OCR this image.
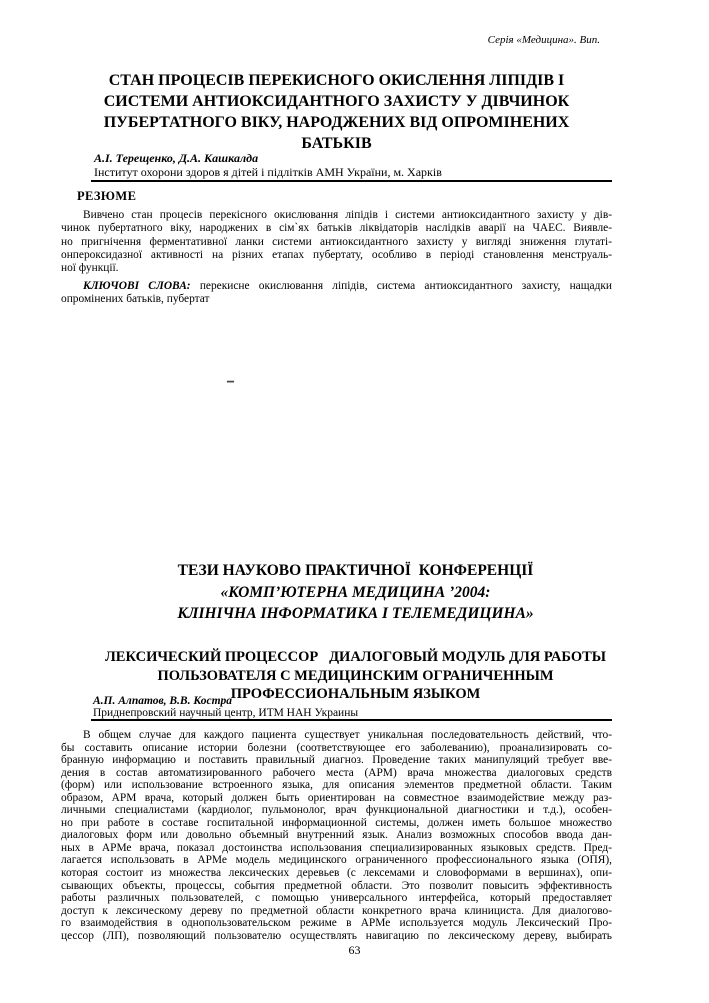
Серія «Медицина». Вип.
СТАН ПРОЦЕСІВ ПЕРЕКИСНОГО ОКИСЛЕННЯ ЛІПІДІВ І
СИСТЕМИ АНТИОКСИДАНТНОГО ЗАХИСТУ У ДІВЧИНОК
ПУБЕРТАТНОГО ВІКУ, НАРОДЖЕНИХ ВІД ОПРОМІНЕНИХ
БАТЬКІВ
А.І. Терещенко, Д.А. Кашкалда
Інститут охорони здоров я дітей і підлітків АМН України, м. Харків
РЕЗЮМЕ
Вивчено стан процесів перекісного окислювання ліпідів і системи антиоксидантного захисту у дів-
чинок пубертатного віку, народжених в сім`ях батьків ліквідаторів наслідків аварії на ЧАЕС. Виявле-
но пригнічення ферментативної ланки системи антиоксидантного захисту у вигляді зниження глутаті-
онпероксидазної активності на різних етапах пубертату, особливо в періоді становлення менструаль-
ної функції.
КЛЮЧОВІ СЛОВА: перекисне окислювання ліпідів, система антиоксидантного захисту, нащадки
опромінених батьків, пубертат
–
ТЕЗИ НАУКОВО ПРАКТИЧНОЇ  КОНФЕРЕНЦІЇ
«КОМП’ЮТЕРНА МЕДИЦИНА ’2004:
КЛІНІЧНА ІНФОРМАТИКА І ТЕЛЕМЕДИЦИНА»
ЛЕКСИЧЕСКИЙ ПРОЦЕССОР   ДИАЛОГОВЫЙ МОДУЛЬ ДЛЯ РАБОТЫ
ПОЛЬЗОВАТЕЛЯ С МЕДИЦИНСКИМ ОГРАНИЧЕННЫМ
ПРОФЕССИОНАЛЬНЫМ ЯЗЫКОМ
А.П. Алпатов, В.В. Костра
Приднепровский научный центр, ИТМ НАН Украины
В общем случае для каждого пациента существует уникальная последовательность действий, что-
бы составить описание истории болезни (соответствующее его заболеванию), проанализировать со-
бранную информацию и поставить правильный диагноз. Проведение таких манипуляций требует вве-
дения в состав автоматизированного рабочего места (АРМ) врача множества диалоговых средств
(форм) или использование встроенного языка, для описания элементов предметной области. Таким
образом, АРМ врача, который должен быть ориентирован на совместное взаимодействие между раз-
личными специалистами (кардиолог, пульмонолог, врач функциональной диагностики и т.д.), особен-
но при работе в составе госпитальной информационной системы, должен иметь большое множество
диалоговых форм или довольно объемный внутренний язык. Анализ возможных способов ввода дан-
ных в АРМе врача, показал достоинства использования специализированных языковых средств. Пред-
лагается использовать в АРМе модель медицинского ограниченного профессионального языка (ОПЯ),
которая состоит из множества лексических деревьев (с лексемами и словоформами в вершинах), опи-
сывающих объекты, процессы, события предметной области. Это позволит повысить эффективность
работы различных пользователей, с помощью универсального интерфейса, который предоставляет
доступ к лексическому дереву по предметной области конкретного врача клинициста. Для диалогово-
го взаимодействия в однопользовательском режиме в АРМе используется модуль Лексический Про-
цессор (ЛП), позволяющий пользователю осуществлять навигацию по лексическому дереву, выбирать
63
